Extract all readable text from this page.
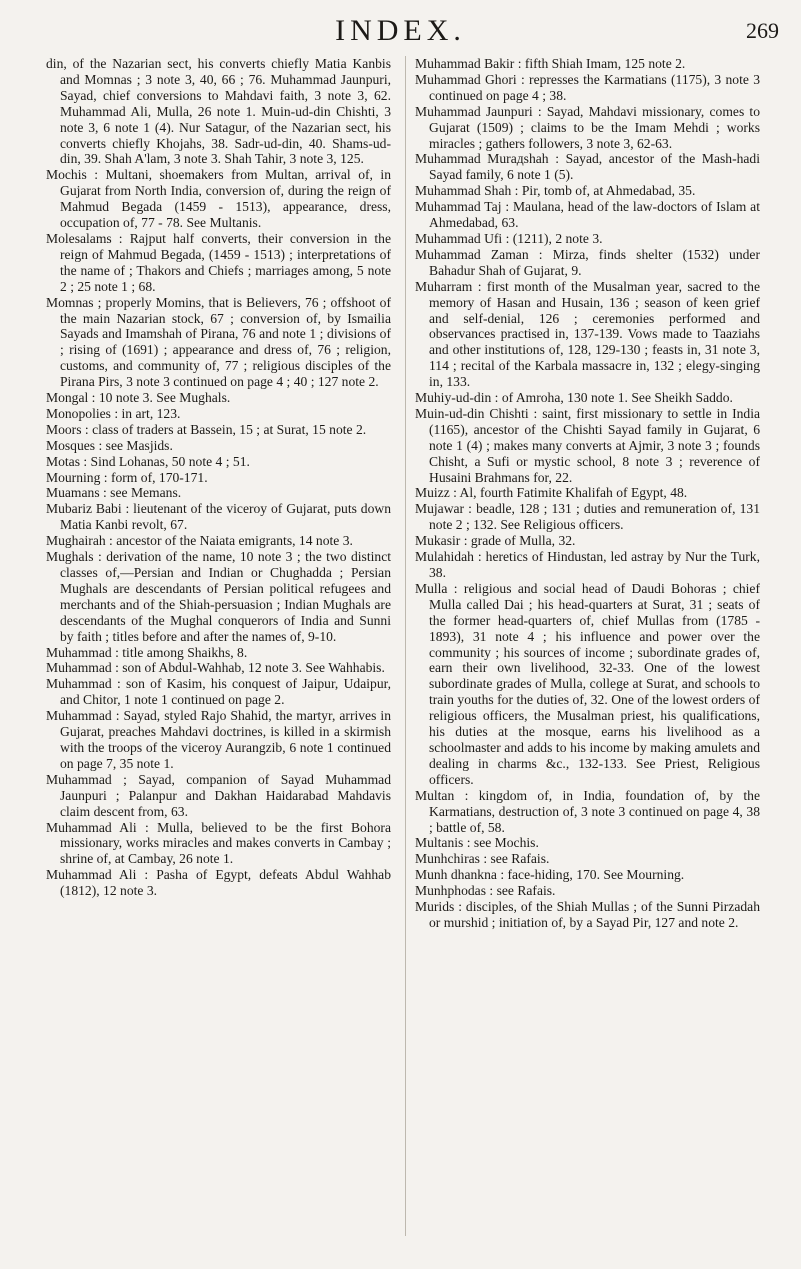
INDEX.	269

din, of the Nazarian sect, his converts chiefly Matia Kanbis and Momnas ; 3 note 3, 40, 66 ; 76. Muhammad Jaunpuri, Sayad, chief conversions to Mahdavi faith, 3 note 3, 62. Muhammad Ali, Mulla, 26 note 1. Muin-ud-din Chishti, 3 note 3, 6 note 1 (4). Nur Satagur, of the Nazarian sect, his converts chiefly Khojahs, 38. Sadr-ud-din, 40. Shams-ud-din, 39. Shah A'lam, 3 note 3. Shah Tahir, 3 note 3, 125.

Mochis : Multani, shoemakers from Multan, arrival of, in Gujarat from North India, conversion of, during the reign of Mahmud Begada (1459 - 1513), appearance, dress, occupation of, 77 - 78. See Multanis.

Molesalams : Rajput half converts, their conversion in the reign of Mahmud Begada, (1459 - 1513) ; interpretations of the name of ; Thakors and Chiefs ; marriages among, 5 note 2 ; 25 note 1 ; 68.

Momnas ; properly Momins, that is Believers, 76 ; offshoot of the main Nazarian stock, 67 ; conversion of, by Ismailia Sayads and Imamshah of Pirana, 76 and note 1 ; divisions of ; rising of (1691) ; appearance and dress of, 76 ; religion, customs, and community of, 77 ; religious disciples of the Pirana Pirs, 3 note 3 continued on page 4 ; 40 ; 127 note 2.

Mongal : 10 note 3. See Mughals.

Monopolies : in art, 123.

Moors : class of traders at Bassein, 15 ; at Surat, 15 note 2.

Mosques : see Masjids.

Motas : Sind Lohanas, 50 note 4 ; 51.

Mourning : form of, 170-171.

Muamans : see Memans.

Mubariz Babi : lieutenant of the viceroy of Gujarat, puts down Matia Kanbi revolt, 67.

Mughairah : ancestor of the Naiata emigrants, 14 note 3.

Mughals : derivation of the name, 10 note 3 ; the two distinct classes of,—Persian and Indian or Chughadda ; Persian Mughals are descendants of Persian political refugees and merchants and of the Shiah-persuasion ; Indian Mughals are descendants of the Mughal conquerors of India and Sunni by faith ; titles before and after the names of, 9-10.

Muhammad : title among Shaikhs, 8.

Muhammad : son of Abdul-Wahhab, 12 note 3. See Wahhabis.

Muhammad : son of Kasim, his conquest of Jaipur, Udaipur, and Chitor, 1 note 1 continued on page 2.

Muhammad : Sayad, styled Rajo Shahid, the martyr, arrives in Gujarat, preaches Mahdavi doctrines, is killed in a skirmish with the troops of the viceroy Aurangzib, 6 note 1 continued on page 7, 35 note 1.

Muhammad ; Sayad, companion of Sayad Muhammad Jaunpuri ; Palanpur and Dakhan Haidarabad Mahdavis claim descent from, 63.

Muhammad Ali : Mulla, believed to be the first Bohora missionary, works miracles and makes converts in Cambay ; shrine of, at Cambay, 26 note 1.

Muhammad Ali : Pasha of Egypt, defeats Abdul Wahhab (1812), 12 note 3.

Muhammad Bakir : fifth Shiah Imam, 125 note 2.

Muhammad Ghori : represses the Karmatians (1175), 3 note 3 continued on page 4 ; 38.

Muhammad Jaunpuri : Sayad, Mahdavi missionary, comes to Gujarat (1509) ; claims to be the Imam Mehdi ; works miracles ; gathers followers, 3 note 3, 62-63.

Muhammad Murадshah : Sayad, ancestor of the Mash-hadi Sayad family, 6 note 1 (5).

Muhammad Shah : Pir, tomb of, at Ahmedabad, 35.

Muhammad Taj : Maulana, head of the law-doctors of Islam at Ahmedabad, 63.

Muhammad Ufi : (1211), 2 note 3.

Muhammad Zaman : Mirza, finds shelter (1532) under Bahadur Shah of Gujarat, 9.

Muharram : first month of the Musalman year, sacred to the memory of Hasan and Husain, 136 ; season of keen grief and self-denial, 126 ; ceremonies performed and observances practised in, 137-139. Vows made to Taaziahs and other institutions of, 128, 129-130 ; feasts in, 31 note 3, 114 ; recital of the Karbala massacre in, 132 ; elegy-singing in, 133.

Muhiy-ud-din : of Amroha, 130 note 1. See Sheikh Saddo.

Muin-ud-din Chishti : saint, first missionary to settle in India (1165), ancestor of the Chishti Sayad family in Gujarat, 6 note 1 (4) ; makes many converts at Ajmir, 3 note 3 ; founds Chisht, a Sufi or mystic school, 8 note 3 ; reverence of Husaini Brahmans for, 22.

Muizz : Al, fourth Fatimite Khalifah of Egypt, 48.

Mujawar : beadle, 128 ; 131 ; duties and remuneration of, 131 note 2 ; 132. See Religious officers.

Mukasir : grade of Mulla, 32.

Mulahidah : heretics of Hindustan, led astray by Nur the Turk, 38.

Mulla : religious and social head of Daudi Bohoras ; chief Mulla called Dai ; his head-quarters at Surat, 31 ; seats of the former head-quarters of, chief Mullas from (1785 - 1893), 31 note 4 ; his influence and power over the community ; his sources of income ; subordinate grades of, earn their own livelihood, 32-33. One of the lowest subordinate grades of Mulla, college at Surat, and schools to train youths for the duties of, 32. One of the lowest orders of religious officers, the Musalman priest, his qualifications, his duties at the mosque, earns his livelihood as a schoolmaster and adds to his income by making amulets and dealing in charms &c., 132-133. See Priest, Religious officers.

Multan : kingdom of, in India, foundation of, by the Karmatians, destruction of, 3 note 3 continued on page 4, 38 ; battle of, 58.

Multanis : see Mochis.

Munhchiras : see Rafais.

Munh dhankna : face-hiding, 170. See Mourning.

Munhphodas : see Rafais.

Murids : disciples, of the Shiah Mullas ; of the Sunni Pirzadah or murshid ; initiation of, by a Sayad Pir, 127 and note 2.
